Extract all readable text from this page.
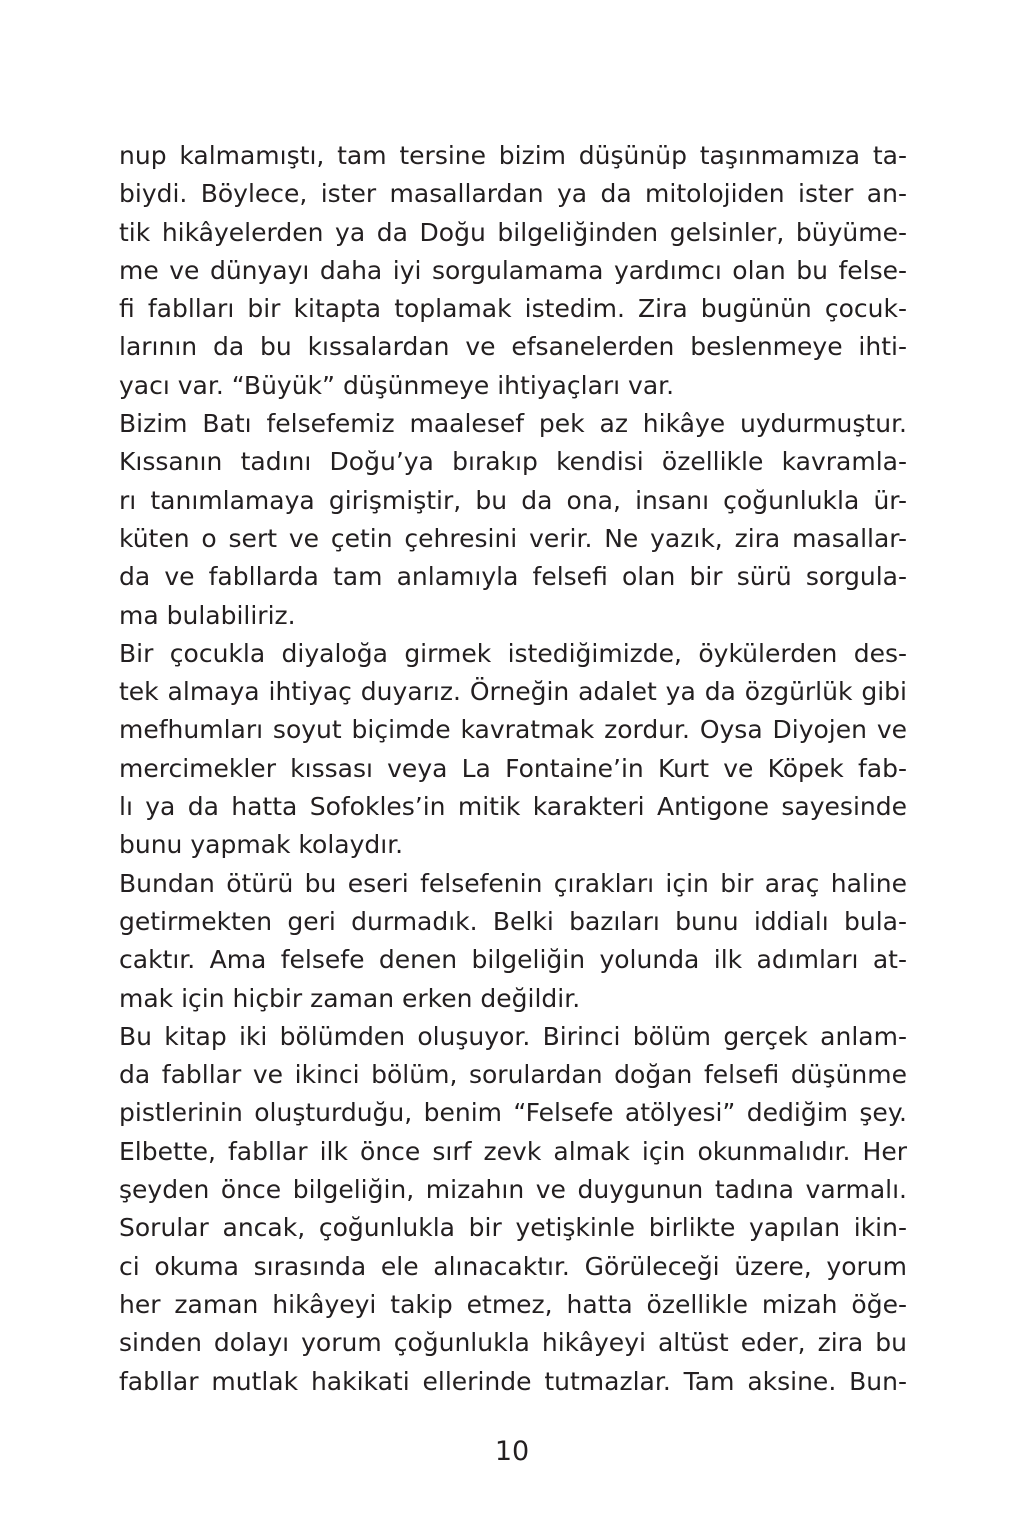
nup kalmamıştı, tam tersine bizim düşünüp taşınmamıza ta-
biydi. Böylece, ister masallardan ya da mitolojiden ister an-
tik hikâyelerden ya da Doğu bilgeliğinden gelsinler, büyüme-
me ve dünyayı daha iyi sorgulamama yardımcı olan bu felse-
fi fablları bir kitapta toplamak istedim. Zira bugünün çocuk-
larının da bu kıssalardan ve efsanelerden beslenmeye ihti-
yacı var. “Büyük” düşünmeye ihtiyaçları var.
Bizim Batı felsefemiz maalesef pek az hikâye uydurmuştur.
Kıssanın tadını Doğu’ya bırakıp kendisi özellikle kavramla-
rı tanımlamaya girişmiştir, bu da ona, insanı çoğunlukla ür-
küten o sert ve çetin çehresini verir. Ne yazık, zira masallar-
da ve fabllarda tam anlamıyla felsefi olan bir sürü sorgula-
ma bulabiliriz.
Bir çocukla diyaloğa girmek istediğimizde, öykülerden des-
tek almaya ihtiyaç duyarız. Örneğin adalet ya da özgürlük gibi
mefhumları soyut biçimde kavratmak zordur. Oysa Diyojen ve
mercimekler kıssası veya La Fontaine’in Kurt ve Köpek fab-
lı ya da hatta Sofokles’in mitik karakteri Antigone sayesinde
bunu yapmak kolaydır.
Bundan ötürü bu eseri felsefenin çırakları için bir araç haline
getirmekten geri durmadık. Belki bazıları bunu iddialı bula-
caktır. Ama felsefe denen bilgeliğin yolunda ilk adımları at-
mak için hiçbir zaman erken değildir.
Bu kitap iki bölümden oluşuyor. Birinci bölüm gerçek anlam-
da fabllar ve ikinci bölüm, sorulardan doğan felsefi düşünme
pistlerinin oluşturduğu, benim “Felsefe atölyesi” dediğim şey.
Elbette, fabllar ilk önce sırf zevk almak için okunmalıdır. Her
şeyden önce bilgeliğin, mizahın ve duygunun tadına varmalı.
Sorular ancak, çoğunlukla bir yetişkinle birlikte yapılan ikin-
ci okuma sırasında ele alınacaktır. Görüleceği üzere, yorum
her zaman hikâyeyi takip etmez, hatta özellikle mizah öğe-
sinden dolayı yorum çoğunlukla hikâyeyi altüst eder, zira bu
fabllar mutlak hakikati ellerinde tutmazlar. Tam aksine. Bun-
10
